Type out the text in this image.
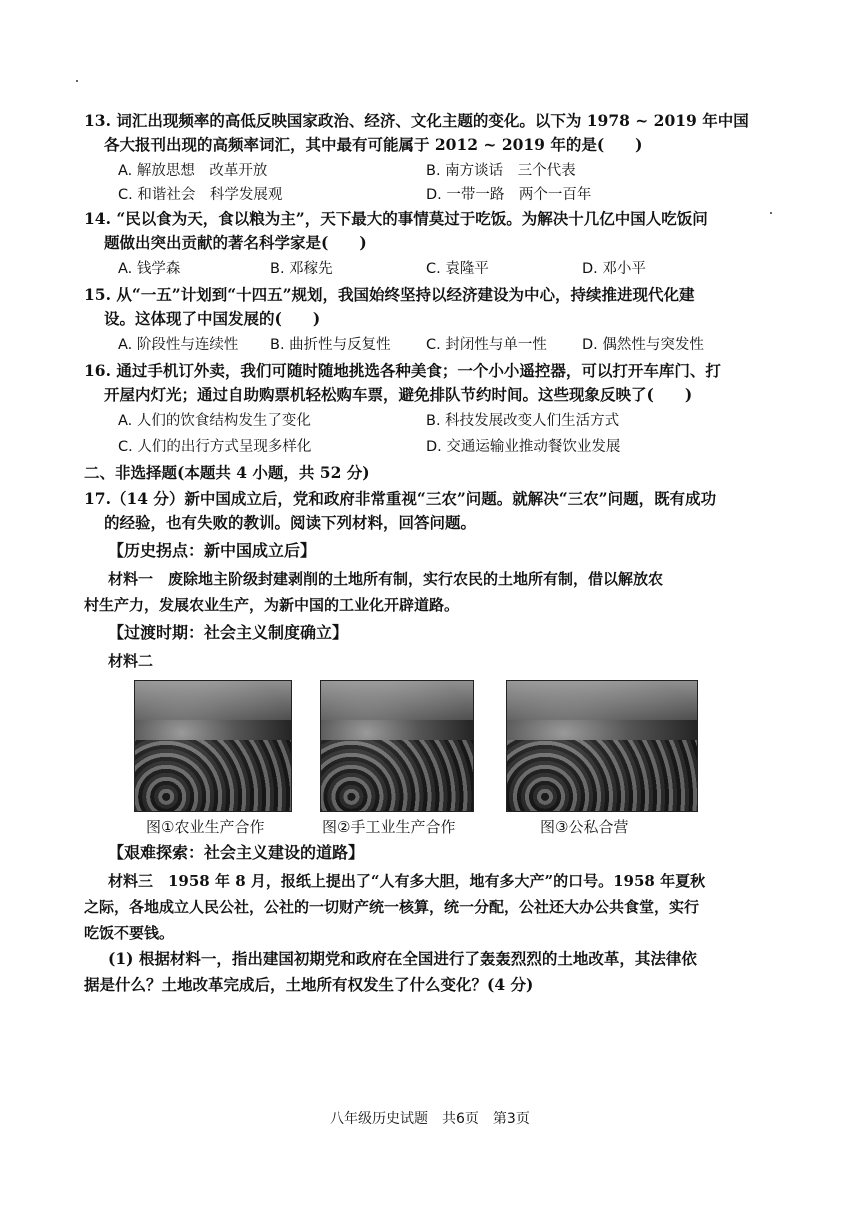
13. 词汇出现频率的高低反映国家政治、经济、文化主题的变化。以下为 1978 ~ 2019 年中国
各大报刊出现的高频率词汇，其中最有可能属于 2012 ~ 2019 年的是(　　)
A. 解放思想　改革开放	B. 南方谈话　三个代表
C. 和谐社会　科学发展观	D. 一带一路　两个一百年
14. “民以食为天，食以粮为主”，天下最大的事情莫过于吃饭。为解决十几亿中国人吃饭问
题做出突出贡献的著名科学家是(　　)
A. 钱学森	B. 邓稼先	C. 袁隆平	D. 邓小平
15. 从“一五”计划到“十四五”规划，我国始终坚持以经济建设为中心，持续推进现代化建
设。这体现了中国发展的(　　)
A. 阶段性与连续性 B. 曲折性与反复性 C. 封闭性与单一性 D. 偶然性与突发性
16. 通过手机订外卖，我们可随时随地挑选各种美食；一个小小遥控器，可以打开车库门、打
开屋内灯光；通过自助购票机轻松购车票，避免排队节约时间。这些现象反映了(　　)
A. 人们的饮食结构发生了变化	B. 科技发展改变人们生活方式
C. 人们的出行方式呈现多样化	D. 交通运输业推动餐饮业发展
二、非选择题(本题共 4 小题，共 52 分)
17.（14 分）新中国成立后，党和政府非常重视“三农”问题。就解决“三农”问题，既有成功
的经验，也有失败的教训。阅读下列材料，回答问题。
【历史拐点：新中国成立后】
材料一　废除地主阶级封建剥削的土地所有制，实行农民的土地所有制，借以解放农
村生产力，发展农业生产，为新中国的工业化开辟道路。
【过渡时期：社会主义制度确立】
材料二
图①农业生产合作	图②手工业生产合作	图③公私合营
【艰难探索：社会主义建设的道路】
材料三　1958 年 8 月，报纸上提出了“人有多大胆，地有多大产”的口号。1958 年夏秋
之际，各地成立人民公社，公社的一切财产统一核算，统一分配，公社还大办公共食堂，实行
吃饭不要钱。
(1) 根据材料一，指出建国初期党和政府在全国进行了轰轰烈烈的土地改革，其法律依
据是什么？土地改革完成后，土地所有权发生了什么变化？(4 分)
八年级历史试题　共6页　第3页
